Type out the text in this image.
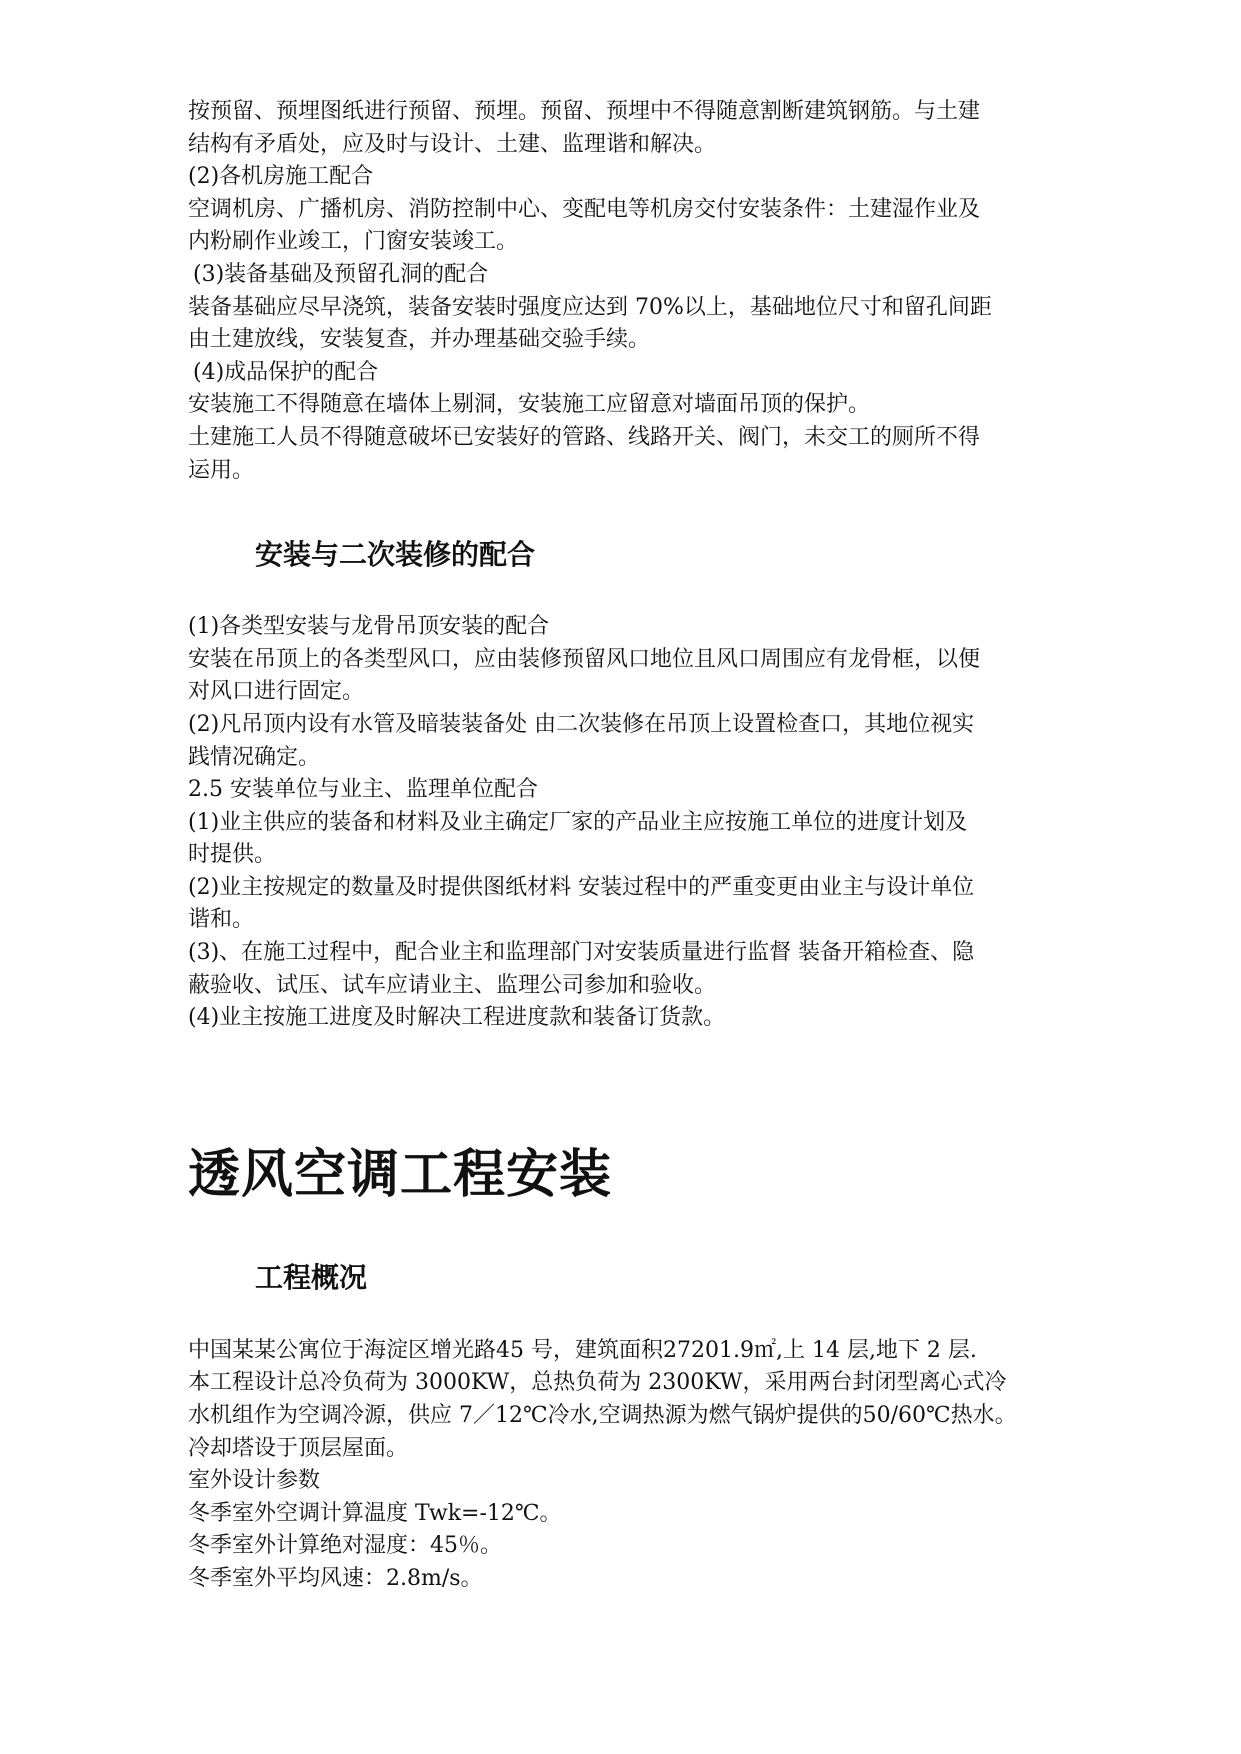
按预留、预埋图纸进行预留、预埋。预留、预埋中不得随意割断建筑钢筋。与土建

结构有矛盾处，应及时与设计、土建、监理谐和解决。

(2)各机房施工配合

空调机房、广播机房、消防控制中心、变配电等机房交付安装条件：土建湿作业及

内粉刷作业竣工，门窗安装竣工。

(3)装备基础及预留孔洞的配合

装备基础应尽早浇筑，装备安装时强度应达到 70%以上，基础地位尺寸和留孔间距

由土建放线，安装复查，并办理基础交验手续。

(4)成品保护的配合

安装施工不得随意在墙体上剔洞，安装施工应留意对墙面吊顶的保护。

土建施工人员不得随意破坏已安装好的管路、线路开关、阀门，未交工的厕所不得

运用。

安装与二次装修的配合

(1)各类型安装与龙骨吊顶安装的配合

安装在吊顶上的各类型风口，应由装修预留风口地位且风口周围应有龙骨框，以便

对风口进行固定。

(2)凡吊顶内设有水管及暗装装备处 由二次装修在吊顶上设置检查口，其地位视实

践情况确定。

2.5 安装单位与业主、监理单位配合

(1)业主供应的装备和材料及业主确定厂家的产品业主应按施工单位的进度计划及

时提供。

(2)业主按规定的数量及时提供图纸材料 安装过程中的严重变更由业主与设计单位

谐和。

(3)、在施工过程中，配合业主和监理部门对安装质量进行监督 装备开箱检查、隐

蔽验收、试压、试车应请业主、监理公司参加和验收。

(4)业主按施工进度及时解决工程进度款和装备订货款。

透风空调工程安装
工程概况

中国某某公寓位于海淀区增光路45 号，建筑面积27201.9㎡,上 14 层,地下 2 层.

本工程设计总冷负荷为 3000KW，总热负荷为 2300KW，采用两台封闭型离心式冷

水机组作为空调冷源，供应 7／12℃冷水,空调热源为燃气锅炉提供的50/60℃热水。

冷却塔设于顶层屋面。

室外设计参数

冬季室外空调计算温度 Twk=-12℃。

冬季室外计算绝对湿度：45％。

冬季室外平均风速：2.8m/s。
